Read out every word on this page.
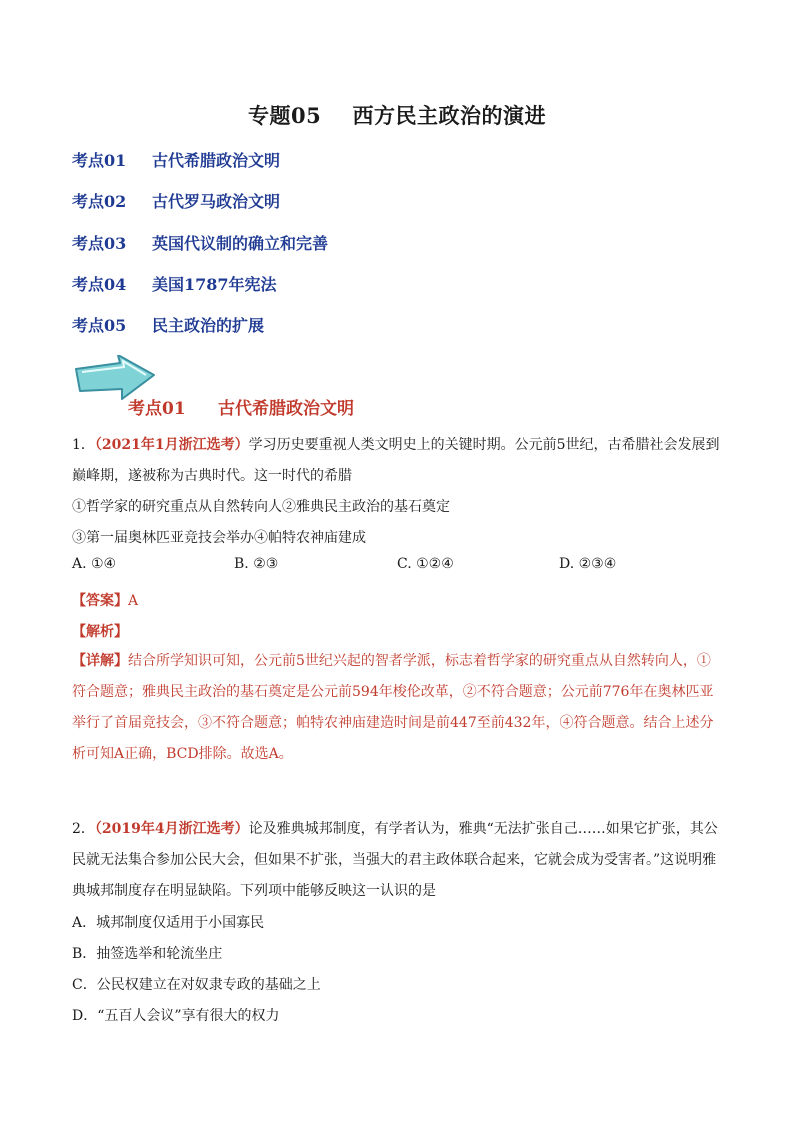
专题05    西方民主政治的演进
考点01 古代希腊政治文明
考点02 古代罗马政治文明
考点03 英国代议制的确立和完善
考点04 美国1787年宪法
考点05 民主政治的扩展
考点01 古代希腊政治文明
1．（2021年1月浙江选考）学习历史要重视人类文明史上的关键时期。公元前5世纪，古希腊社会发展到巅峰期，遂被称为古典时代。这一时代的希腊
①哲学家的研究重点从自然转向人②雅典民主政治的基石奠定
③第一届奥林匹亚竞技会举办④帕特农神庙建成
A. ①④	B. ②③	C. ①②④	D. ②③④
【答案】A
【解析】
【详解】结合所学知识可知，公元前5世纪兴起的智者学派，标志着哲学家的研究重点从自然转向人，①符合题意；雅典民主政治的基石奠定是公元前594年梭伦改革，②不符合题意；公元前776年在奥林匹亚举行了首届竞技会，③不符合题意；帕特农神庙建造时间是前447至前432年，④符合题意。结合上述分析可知A正确，BCD排除。故选A。
2．（2019年4月浙江选考）论及雅典城邦制度，有学者认为，雅典“无法扩张自己……如果它扩张，其公民就无法集合参加公民大会，但如果不扩张，当强大的君主政体联合起来，它就会成为受害者。”这说明雅典城邦制度存在明显缺陷。下列项中能够反映这一认识的是
A．城邦制度仅适用于小国寡民
B．抽签选举和轮流坐庄
C．公民权建立在对奴隶专政的基础之上
D．“五百人会议”享有很大的权力
